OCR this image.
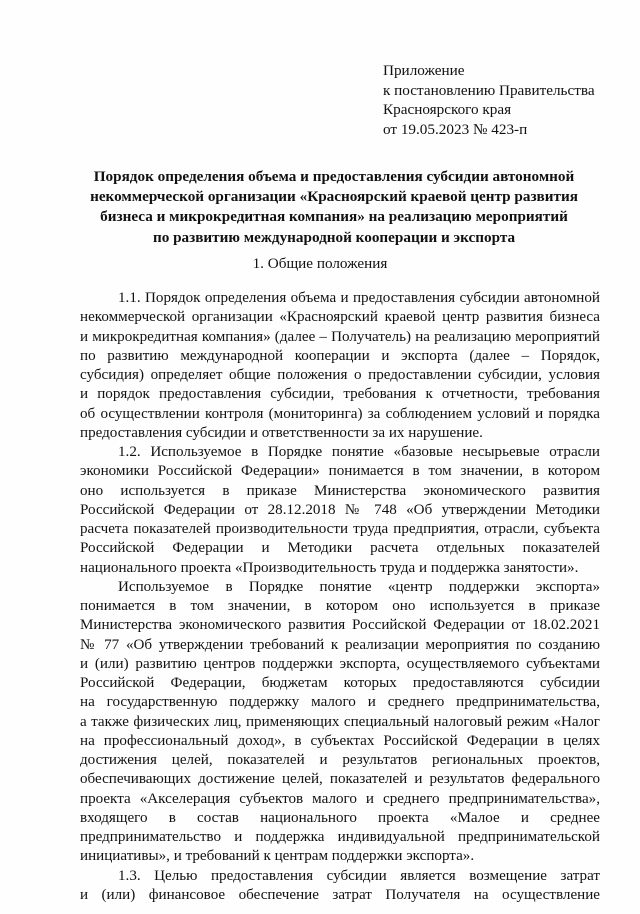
Приложение
к постановлению Правительства
Красноярского края
от 19.05.2023 № 423-п
Порядок определения объема и предоставления субсидии автономной
некоммерческой организации «Красноярский краевой центр развития
бизнеса и микрокредитная компания» на реализацию мероприятий
по развитию международной кооперации и экспорта
1. Общие положения
1.1. Порядок определения объема и предоставления субсидии автономной
некоммерческой организации «Красноярский краевой центр развития бизнеса
и микрокредитная компания» (далее – Получатель) на реализацию мероприятий
по развитию международной кооперации и экспорта (далее – Порядок,
субсидия) определяет общие положения о предоставлении субсидии, условия
и порядок предоставления субсидии, требования к отчетности, требования
об осуществлении контроля (мониторинга) за соблюдением условий и порядка
предоставления субсидии и ответственности за их нарушение.
1.2. Используемое в Порядке понятие «базовые несырьевые отрасли
экономики Российской Федерации» понимается в том значении, в котором
оно используется в приказе Министерства экономического развития
Российской Федерации от 28.12.2018 № 748 «Об утверждении Методики
расчета показателей производительности труда предприятия, отрасли, субъекта
Российской Федерации и Методики расчета отдельных показателей
национального проекта «Производительность труда и поддержка занятости».
Используемое в Порядке понятие «центр поддержки экспорта»
понимается в том значении, в котором оно используется в приказе
Министерства экономического развития Российской Федерации от 18.02.2021
№ 77 «Об утверждении требований к реализации мероприятия по созданию
и (или) развитию центров поддержки экспорта, осуществляемого субъектами
Российской Федерации, бюджетам которых предоставляются субсидии
на государственную поддержку малого и среднего предпринимательства,
а также физических лиц, применяющих специальный налоговый режим «Налог
на профессиональный доход», в субъектах Российской Федерации в целях
достижения целей, показателей и результатов региональных проектов,
обеспечивающих достижение целей, показателей и результатов федерального
проекта «Акселерация субъектов малого и среднего предпринимательства»,
входящего в состав национального проекта «Малое и среднее
предпринимательство и поддержка индивидуальной предпринимательской
инициативы», и требований к центрам поддержки экспорта».
1.3. Целью предоставления субсидии является возмещение затрат
и (или) финансовое обеспечение затрат Получателя на осуществление
